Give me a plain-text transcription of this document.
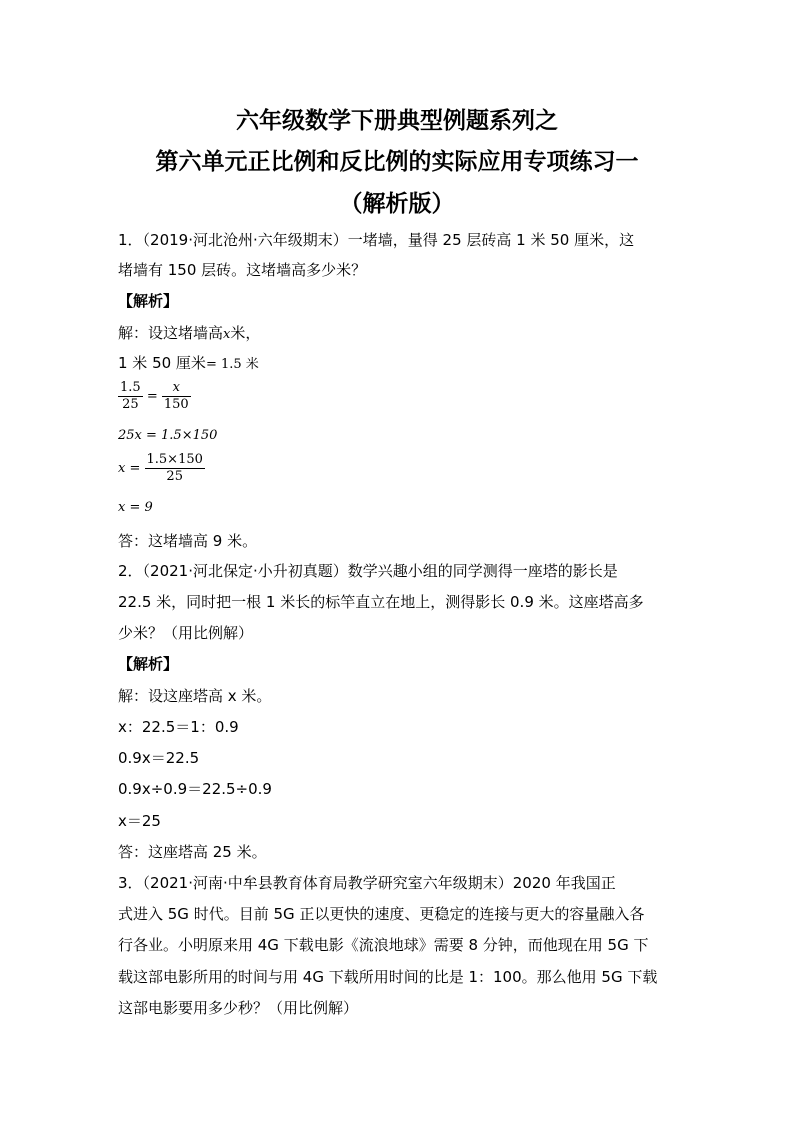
六年级数学下册典型例题系列之
第六单元正比例和反比例的实际应用专项练习一
（解析版）
1．（2019·河北沧州·六年级期末）一堵墙，量得 25 层砖高 1 米 50 厘米，这
堵墙有 150 层砖。这堵墙高多少米？
【解析】
解：设这堵墙高x米，
1 米 50 厘米= 1.5 米
$\frac{1.5}{25} = \frac{x}{150}$
25x = 1.5×150
$x = \frac{1.5\times 150}{25}$
x = 9
答：这堵墙高 9 米。
2．（2021·河北保定·小升初真题）数学兴趣小组的同学测得一座塔的影长是
22.5 米，同时把一根 1 米长的标竿直立在地上，测得影长 0.9 米。这座塔高多
少米？（用比例解）
【解析】
解：设这座塔高 x 米。
x：22.5＝1：0.9
0.9x＝22.5
0.9x÷0.9＝22.5÷0.9
x＝25
答：这座塔高 25 米。
3．（2021·河南·中牟县教育体育局教学研究室六年级期末）2020 年我国正
式进入 5G 时代。目前 5G 正以更快的速度、更稳定的连接与更大的容量融入各
行各业。小明原来用 4G 下载电影《流浪地球》需要 8 分钟，而他现在用 5G 下
载这部电影所用的时间与用 4G 下载所用时间的比是 1：100。那么他用 5G 下载
这部电影要用多少秒？（用比例解）
